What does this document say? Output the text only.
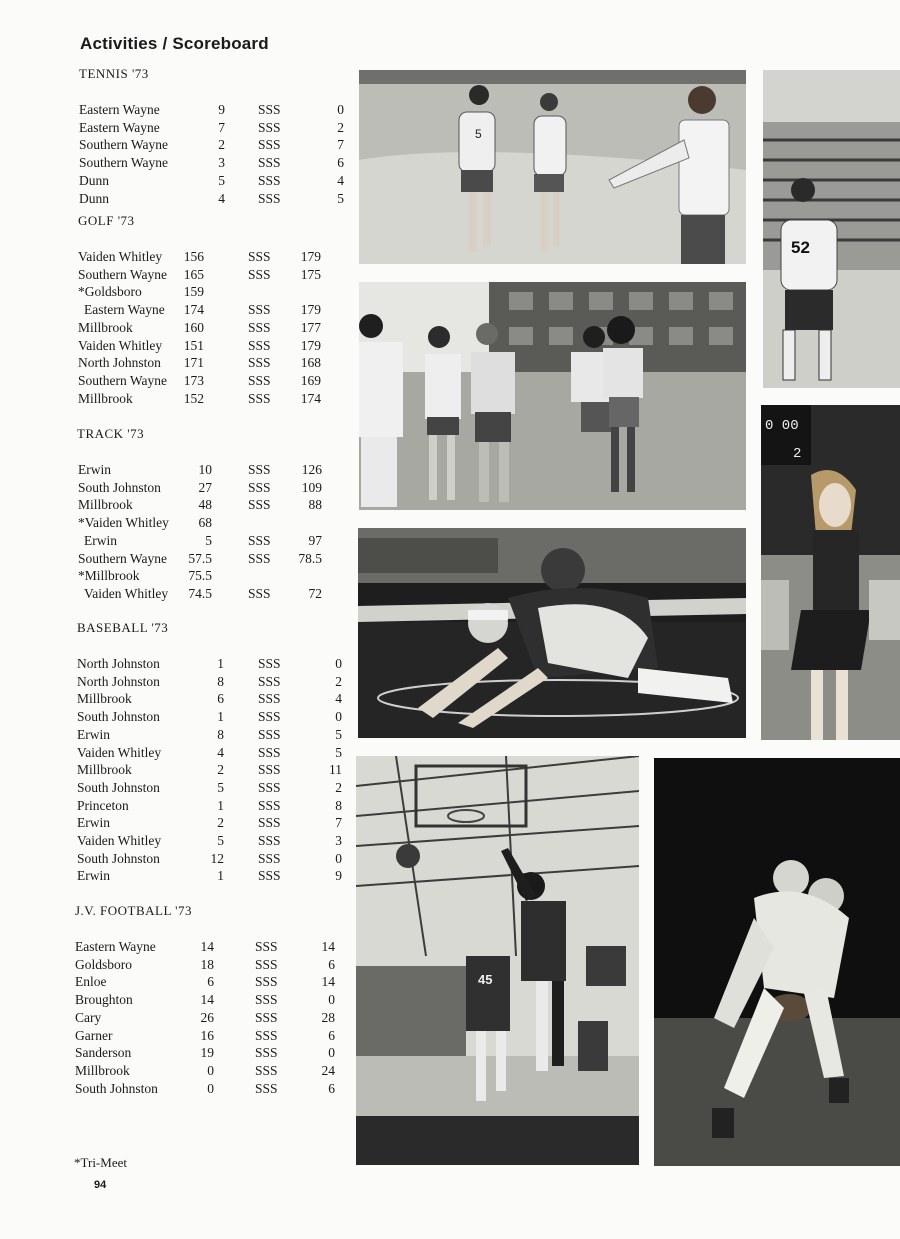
Activities / Scoreboard
TENNIS '73
Eastern Wayne	9 SSS	0
Eastern Wayne	7 SSS	2
Southern Wayne	2 SSS	7
Southern Wayne	3 SSS	6
Dunn	5 SSS	4
Dunn	4 SSS	5
GOLF '73
Vaiden Whitley 156	SSS 179
Southern Wayne 165	SSS 175
*Goldsboro	159
Eastern Wayne 174	SSS 179
Millbrook	160	SSS 177
Vaiden Whitley 151	SSS 179
North Johnston 171	SSS 168
Southern Wayne 173	SSS 169
Millbrook	152	SSS 174
TRACK '73
Erwin	10	SSS 126
South Johnston	27	SSS 109
Millbrook	48	SSS	88
*Vaiden Whitley 68
Erwin	5	SSS	97
Southern Wayne 57.5	SSS 78.5
*Millbrook	75.5
Vaiden Whitley 74.5	SSS	72
BASEBALL '73
North Johnston	1	SSS	0
North Johnston	8	SSS	2
Millbrook	6	SSS	4
South Johnston	1	SSS	0
Erwin	8	SSS	5
Vaiden Whitley	4	SSS	5
Millbrook	2	SSS	11
South Johnston	5	SSS	2
Princeton	1	SSS	8
Erwin	2	SSS	7
Vaiden Whitley	5	SSS	3
South Johnston	12	SSS	0
Erwin	1	SSS	9
J.V. FOOTBALL '73
Eastern Wayne	14	SSS	14
Goldsboro	18	SSS	6
Enloe	6	SSS	14
Broughton	14	SSS	0
Cary	26	SSS	28
Garner	16	SSS	6
Sanderson	19	SSS	0
Millbrook	0	SSS	24
South Johnston	0	SSS	6
*Tri-Meet
94
5
52
0 00
2
45
